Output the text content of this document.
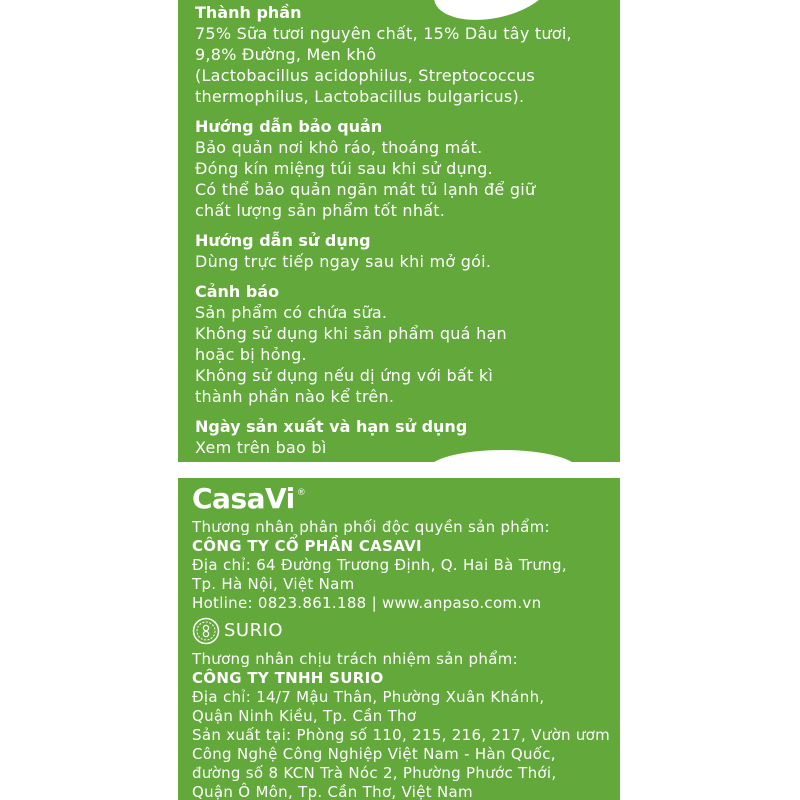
Thành phần
75% Sữa tươi nguyên chất, 15% Dâu tây tươi,
9,8% Đường, Men khô
(Lactobacillus acidophilus, Streptococcus
thermophilus, Lactobacillus bulgaricus).
Hướng dẫn bảo quản
Bảo quản nơi khô ráo, thoáng mát.
Đóng kín miệng túi sau khi sử dụng.
Có thể bảo quản ngăn mát tủ lạnh để giữ
chất lượng sản phẩm tốt nhất.
Hướng dẫn sử dụng
Dùng trực tiếp ngay sau khi mở gói.
Cảnh báo
Sản phẩm có chứa sữa.
Không sử dụng khi sản phẩm quá hạn
hoặc bị hỏng.
Không sử dụng nếu dị ứng với bất kì
thành phần nào kể trên.
Ngày sản xuất và hạn sử dụng
Xem trên bao bì
CasaVi ®
Thương nhân phân phối độc quyền sản phẩm:
CÔNG TY CỔ PHẦN CASAVI
Địa chỉ: 64 Đường Trương Định, Q. Hai Bà Trưng,
Tp. Hà Nội, Việt Nam
Hotline: 0823.861.188 | www.anpaso.com.vn
SURIO
Thương nhân chịu trách nhiệm sản phẩm:
CÔNG TY TNHH SURIO
Địa chỉ: 14/7 Mậu Thân, Phường Xuân Khánh,
Quận Ninh Kiều, Tp. Cần Thơ
Sản xuất tại: Phòng số 110, 215, 216, 217, Vườn ươm
Công Nghệ Công Nghiệp Việt Nam - Hàn Quốc,
đường số 8 KCN Trà Nóc 2, Phường Phước Thới,
Quận Ô Môn, Tp. Cần Thơ, Việt Nam
